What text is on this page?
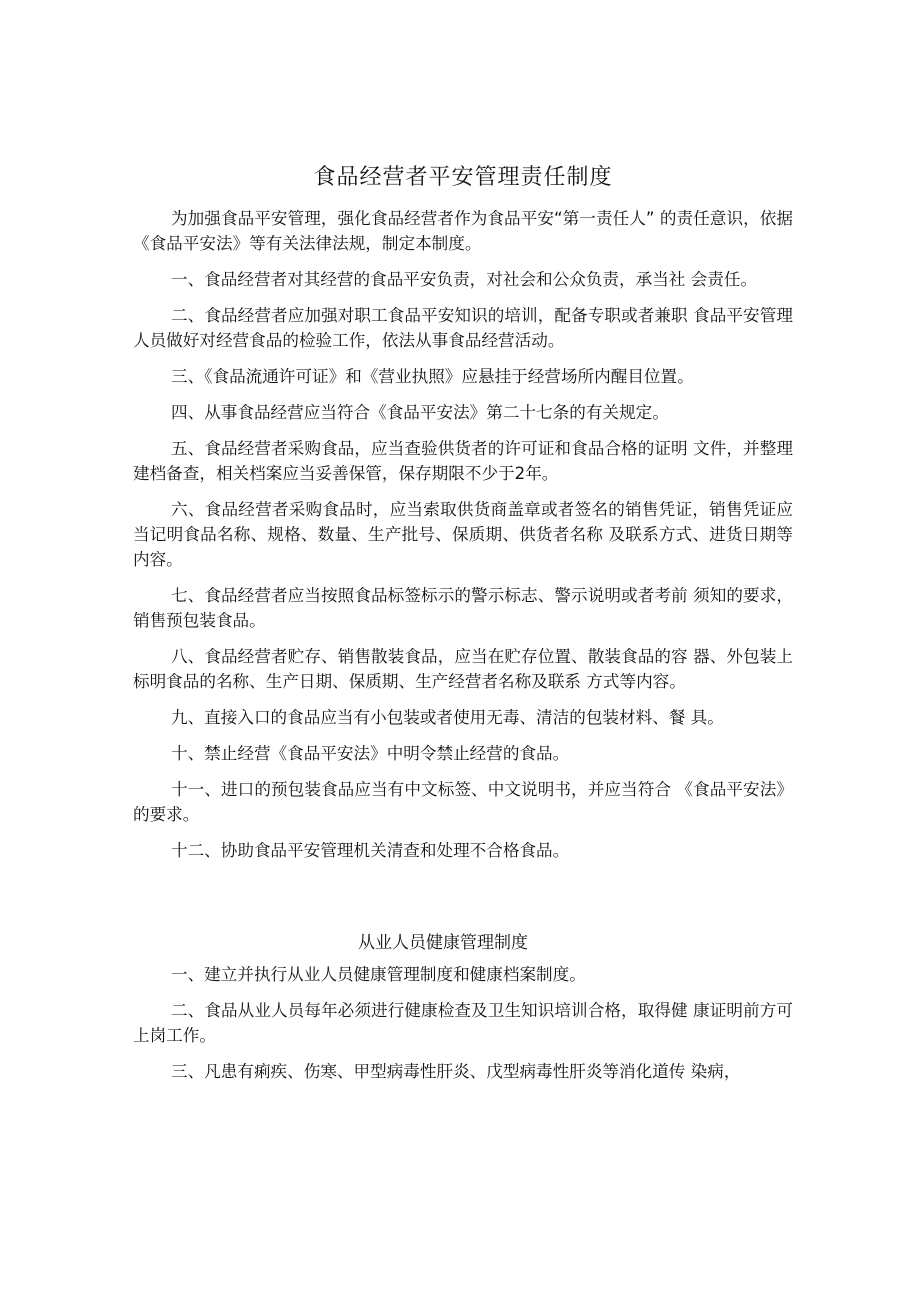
食品经营者平安管理责任制度

为加强食品平安管理，强化食品经营者作为食品平安“第一责任人” 的责任意识，依据《食品平安法》等有关法律法规，制定本制度。

一、食品经营者对其经营的食品平安负责，对社会和公众负责，承当社 会责任。

二、食品经营者应加强对职工食品平安知识的培训，配备专职或者兼职 食品平安管理人员做好对经营食品的检验工作，依法从事食品经营活动。

三、《食品流通许可证》和《营业执照》应悬挂于经营场所内醒目位置。

四、从事食品经营应当符合《食品平安法》第二十七条的有关规定。

五、食品经营者采购食品，应当查验供货者的许可证和食品合格的证明 文件，并整理建档备查，相关档案应当妥善保管，保存期限不少于2年。

六、食品经营者采购食品时，应当索取供货商盖章或者签名的销售凭证，销售凭证应当记明食品名称、规格、数量、生产批号、保质期、供货者名称 及联系方式、进货日期等内容。

七、食品经营者应当按照食品标签标示的警示标志、警示说明或者考前 须知的要求，销售预包装食品。

八、食品经营者贮存、销售散装食品，应当在贮存位置、散装食品的容 器、外包装上标明食品的名称、生产日期、保质期、生产经营者名称及联系 方式等内容。

九、直接入口的食品应当有小包装或者使用无毒、清洁的包装材料、餐 具。

十、禁止经营《食品平安法》中明令禁止经营的食品。

十一、进口的预包装食品应当有中文标签、中文说明书，并应当符合 《食品平安法》的要求。

十二、协助食品平安管理机关清查和处理不合格食品。

从业人员健康管理制度

一、建立并执行从业人员健康管理制度和健康档案制度。

二、食品从业人员每年必须进行健康检查及卫生知识培训合格，取得健 康证明前方可上岗工作。

三、凡患有痢疾、伤寒、甲型病毒性肝炎、戊型病毒性肝炎等消化道传 染病，
